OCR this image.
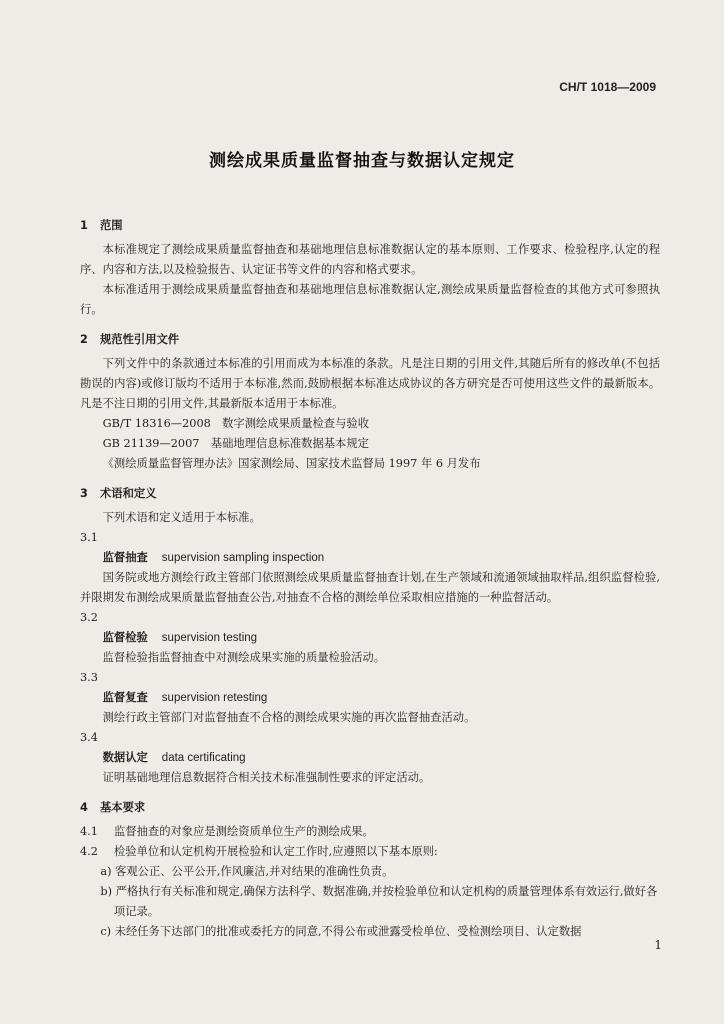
CH/T 1018—2009
测绘成果质量监督抽查与数据认定规定

1 范围

本标准规定了测绘成果质量监督抽查和基础地理信息标准数据认定的基本原则、工作要求、检验程序,认定的程序、内容和方法,以及检验报告、认定证书等文件的内容和格式要求。

本标准适用于测绘成果质量监督抽查和基础地理信息标准数据认定,测绘成果质量监督检查的其他方式可参照执行。

2 规范性引用文件

下列文件中的条款通过本标准的引用而成为本标准的条款。凡是注日期的引用文件,其随后所有的修改单(不包括勘误的内容)或修订版均不适用于本标准,然而,鼓励根据本标准达成协议的各方研究是否可使用这些文件的最新版本。凡是不注日期的引用文件,其最新版本适用于本标准。

GB/T 18316—2008　数字测绘成果质量检查与验收

GB 21139—2007　基础地理信息标准数据基本规定

《测绘质量监督管理办法》国家测绘局、国家技术监督局 1997 年 6 月发布

3 术语和定义

下列术语和定义适用于本标准。

3.1

监督抽查 supervision sampling inspection

国务院或地方测绘行政主管部门依照测绘成果质量监督抽查计划,在生产领域和流通领域抽取样品,组织监督检验,并限期发布测绘成果质量监督抽查公告,对抽查不合格的测绘单位采取相应措施的一种监督活动。

3.2

监督检验 supervision testing

监督检验指监督抽查中对测绘成果实施的质量检验活动。

3.3

监督复查 supervision retesting

测绘行政主管部门对监督抽查不合格的测绘成果实施的再次监督抽查活动。

3.4

数据认定 data certificating

证明基础地理信息数据符合相关技术标准强制性要求的评定活动。

4 基本要求

4.1 监督抽查的对象应是测绘资质单位生产的测绘成果。

4.2 检验单位和认定机构开展检验和认定工作时,应遵照以下基本原则:

a) 客观公正、公平公开,作风廉洁,并对结果的准确性负责。

b) 严格执行有关标准和规定,确保方法科学、数据准确,并按检验单位和认定机构的质量管理体系有效运行,做好各项记录。

c) 未经任务下达部门的批准或委托方的同意,不得公布或泄露受检单位、受检测绘项目、认定数据

1
